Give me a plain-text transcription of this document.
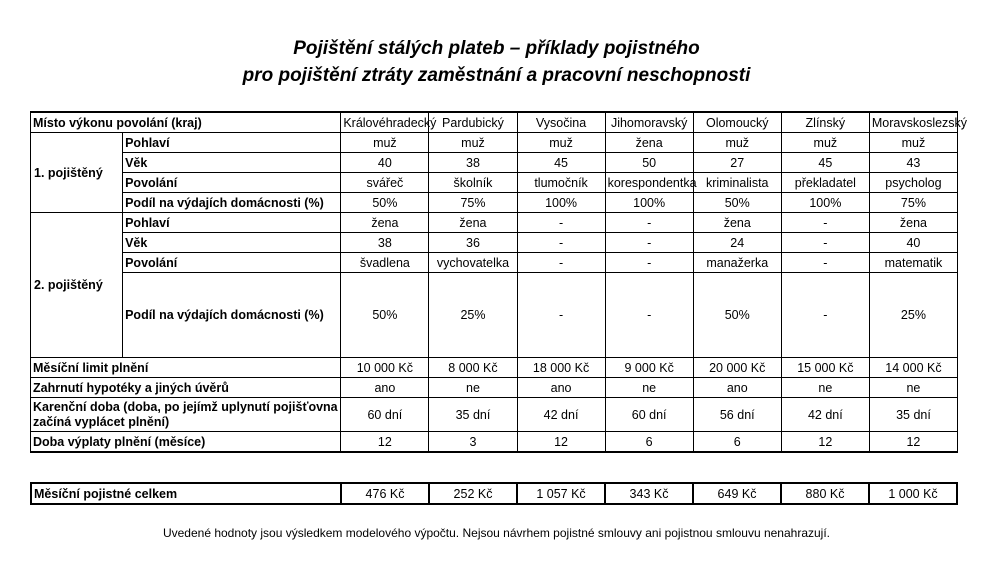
Pojištění stálých plateb – příklady pojistného
pro pojištění ztráty zaměstnání a pracovní neschopnosti
Místo výkonu povolání (kraj)		Královéhradecký	Pardubický	Vysočina	Jihomoravský	Olomoucký	Zlínský	Moravskoslezský
1. pojištěný	Pohlaví	muž	muž	muž	žena	muž	muž	muž
	Věk	40	38	45	50	27	45	43
	Povolání	svářeč	školník	tlumočník	korespondentka	kriminalista	překladatel	psycholog
	Podíl na výdajích domácnosti (%)	50%	75%	100%	100%	50%	100%	75%
2. pojištěný	Pohlaví	žena	žena	-	-	žena	-	žena
	Věk	38	36	-	-	24	-	40
	Povolání	švadlena	vychovatelka	-	-	manažerka	-	matematik
	Podíl na výdajích domácnosti (%)	50%	25%	-	-	50%	-	25%
Měsíční limit plnění		10 000 Kč	8 000 Kč	18 000 Kč	9 000 Kč	20 000 Kč	15 000 Kč	14 000 Kč
Zahrnutí hypotéky a jiných úvěrů		ano	ne	ano	ne	ano	ne	ne
Karenční doba (doba, po jejímž uplynutí pojišťovna začíná vyplácet plnění)		60 dní	35 dní	42 dní	60 dní	56 dní	42 dní	35 dní
Doba výplaty plnění (měsíce)		12	3	12	6	6	12	12
Měsíční pojistné celkem	476 Kč	252 Kč	1 057 Kč	343 Kč	649 Kč	880 Kč	1 000 Kč
Uvedené hodnoty jsou výsledkem modelového výpočtu. Nejsou návrhem pojistné smlouvy ani pojistnou smlouvu nenahrazují.
